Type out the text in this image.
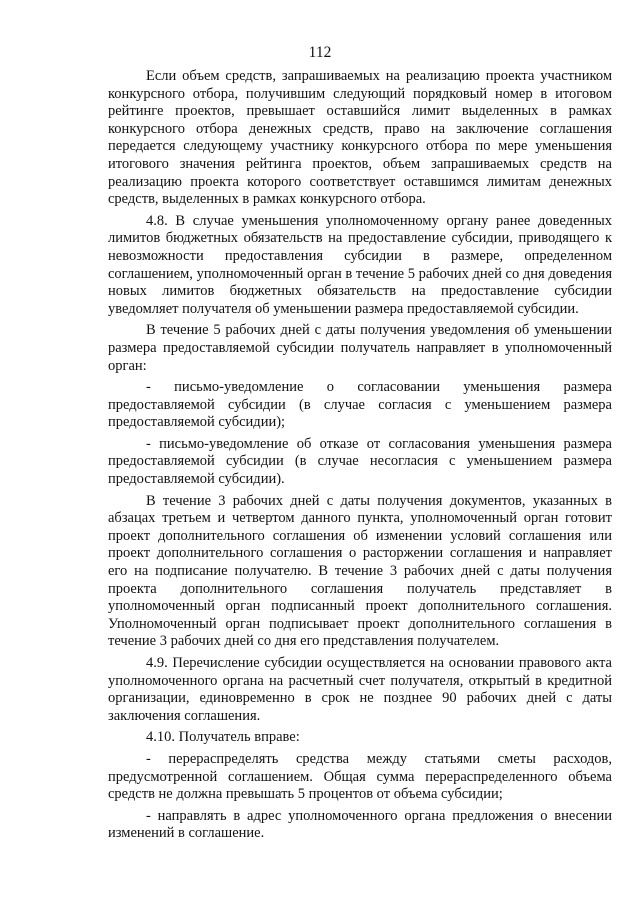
112

Если объем средств, запрашиваемых на реализацию проекта участником конкурсного отбора, получившим следующий порядковый номер в итоговом рейтинге проектов, превышает оставшийся лимит выделенных в рамках конкурсного отбора денежных средств, право на заключение соглашения передается следующему участнику конкурсного отбора по мере уменьшения итогового значения рейтинга проектов, объем запрашиваемых средств на реализацию проекта которого соответствует оставшимся лимитам денежных средств, выделенных в рамках конкурсного отбора.

4.8. В случае уменьшения уполномоченному органу ранее доведенных лимитов бюджетных обязательств на предоставление субсидии, приводящего к невозможности предоставления субсидии в размере, определенном соглашением, уполномоченный орган в течение 5 рабочих дней со дня доведения новых лимитов бюджетных обязательств на предоставление субсидии уведомляет получателя об уменьшении размера предоставляемой субсидии.

В течение 5 рабочих дней с даты получения уведомления об уменьшении размера предоставляемой субсидии получатель направляет в уполномоченный орган:

- письмо-уведомление о согласовании уменьшения размера предоставляемой субсидии (в случае согласия с уменьшением размера предоставляемой субсидии);

- письмо-уведомление об отказе от согласования уменьшения размера предоставляемой субсидии (в случае несогласия с уменьшением размера предоставляемой субсидии).

В течение 3 рабочих дней с даты получения документов, указанных в абзацах третьем и четвертом данного пункта, уполномоченный орган готовит проект дополнительного соглашения об изменении условий соглашения или проект дополнительного соглашения о расторжении соглашения и направляет его на подписание получателю. В течение 3 рабочих дней с даты получения проекта дополнительного соглашения получатель представляет в уполномоченный орган подписанный проект дополнительного соглашения. Уполномоченный орган подписывает проект дополнительного соглашения в течение 3 рабочих дней со дня его представления получателем.

4.9. Перечисление субсидии осуществляется на основании правового акта уполномоченного органа на расчетный счет получателя, открытый в кредитной организации, единовременно в срок не позднее 90 рабочих дней с даты заключения соглашения.

4.10. Получатель вправе:

- перераспределять средства между статьями сметы расходов, предусмотренной соглашением. Общая сумма перераспределенного объема средств не должна превышать 5 процентов от объема субсидии;

- направлять в адрес уполномоченного органа предложения о внесении изменений в соглашение.
